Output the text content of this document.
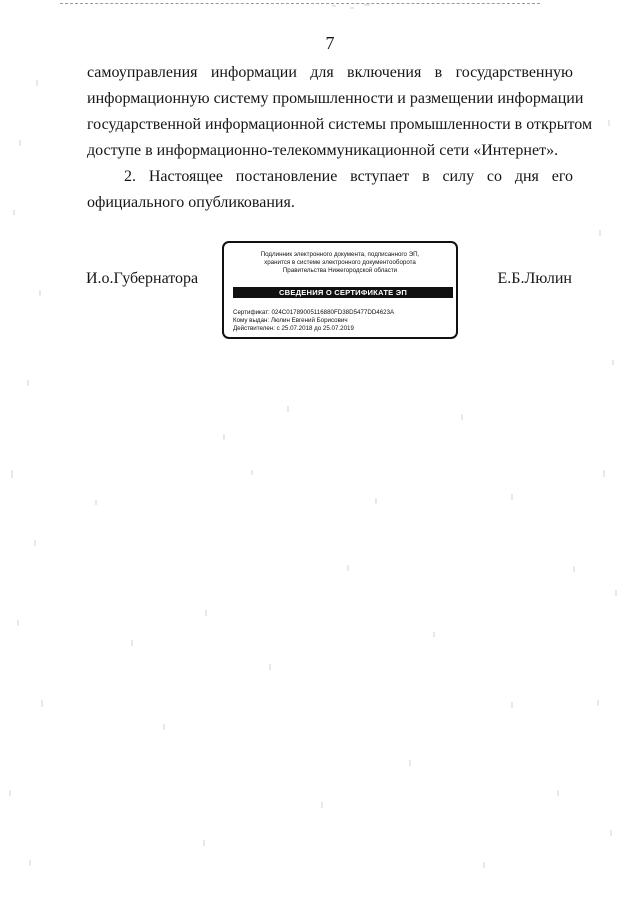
7
самоуправления информации для включения в государственную
информационную систему промышленности и размещении информации
государственной информационной системы промышленности в открытом
доступе в информационно-телекоммуникационной сети «Интернет».
2. Настоящее постановление вступает в силу со дня его
официального опубликования.
И.о.Губернатора
Подлинник электронного документа, подписанного ЭП,
хранится в системе электронного документооборота
Правительства Нижегородской области
СВЕДЕНИЯ О СЕРТИФИКАТЕ ЭП
Сертификат: 024C01789005116880FD38D5477DD4623A
Кому выдан: Люлин Евгений Борисович
Действителен: с 25.07.2018 до 25.07.2019
Е.Б.Люлин
